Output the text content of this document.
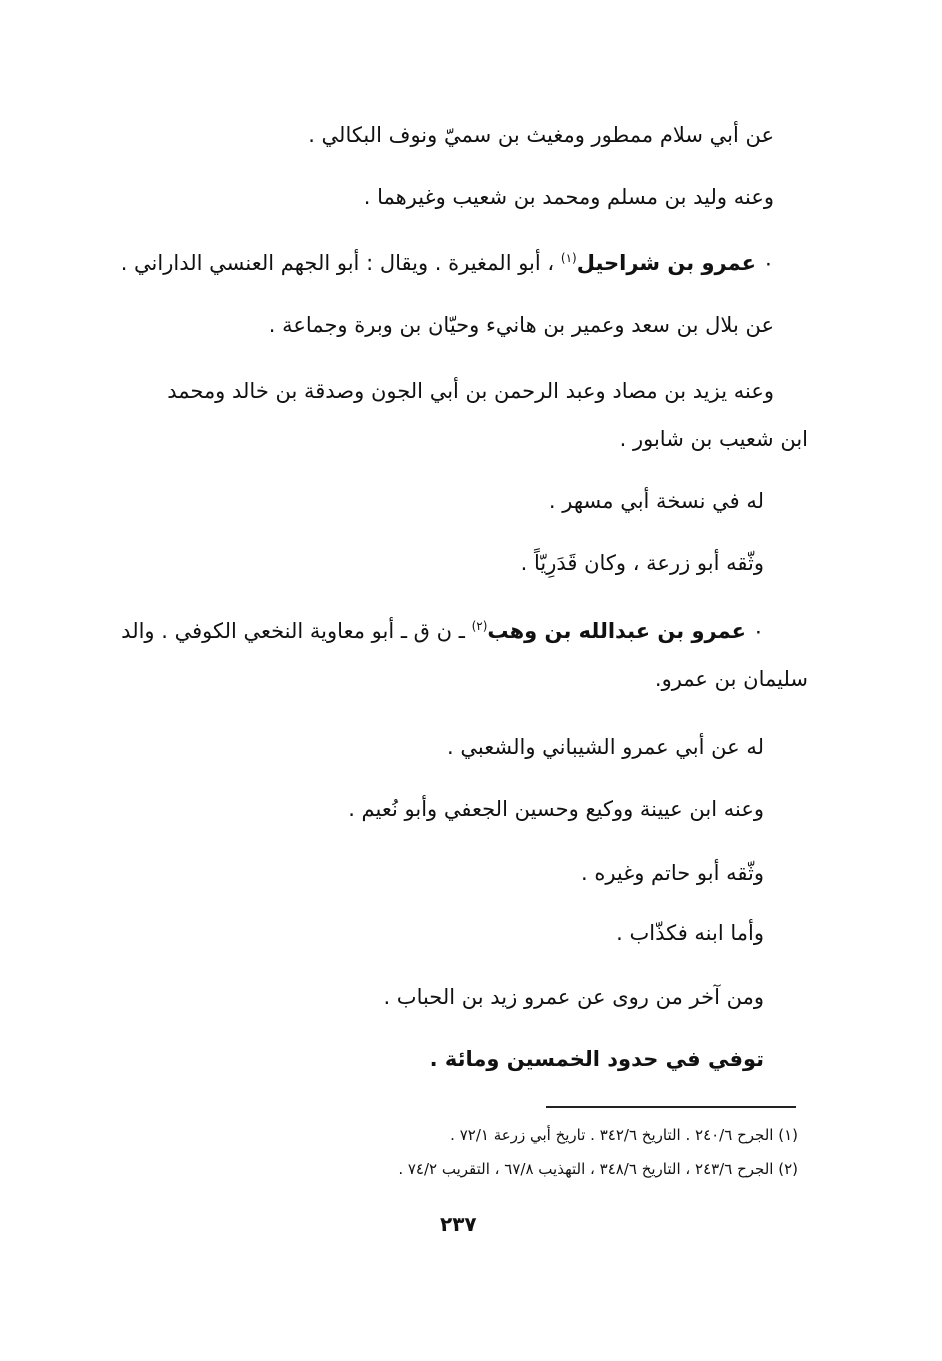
عن أبي سلام ممطور ومغيث بن سميّ ونوف البكالي .
وعنه وليد بن مسلم ومحمد بن شعيب وغيرهما .
۰ عمرو بن شراحيل$^{(١)}$ ، أبو المغيرة . ويقال : أبو الجهم العنسي الداراني .
عن بلال بن سعد وعمير بن هانيء وحيّان بن وبرة وجماعة .
وعنه يزيد بن مصاد وعبد الرحمن بن أبي الجون وصدقة بن خالد ومحمد
ابن شعيب بن شابور .
له في نسخة أبي مسهر .
وثّقه أبو زرعة ، وكان قَدَرِيّاً .
۰ عمرو بن عبدالله بن وهب$^{(٢)}$ ـ ن ق ـ أبو معاوية النخعي الكوفي . والد
سليمان بن عمرو.
له عن أبي عمرو الشيباني والشعبي .
وعنه ابن عيينة ووكيع وحسين الجعفي وأبو نُعيم .
وثّقه أبو حاتم وغيره .
وأما ابنه فكذّاب .
ومن آخر من روى عن عمرو زيد بن الحباب .
توفي في حدود الخمسين ومائة .
(١) الجرح ٢٤٠/٦ . التاريخ ٣٤٢/٦ . تاريخ أبي زرعة ٧٢/١ .
(٢) الجرح ٢٤٣/٦ ، التاريخ ٣٤٨/٦ ، التهذيب ٦٧/٨ ، التقريب ٧٤/٢ .
٢٣٧
